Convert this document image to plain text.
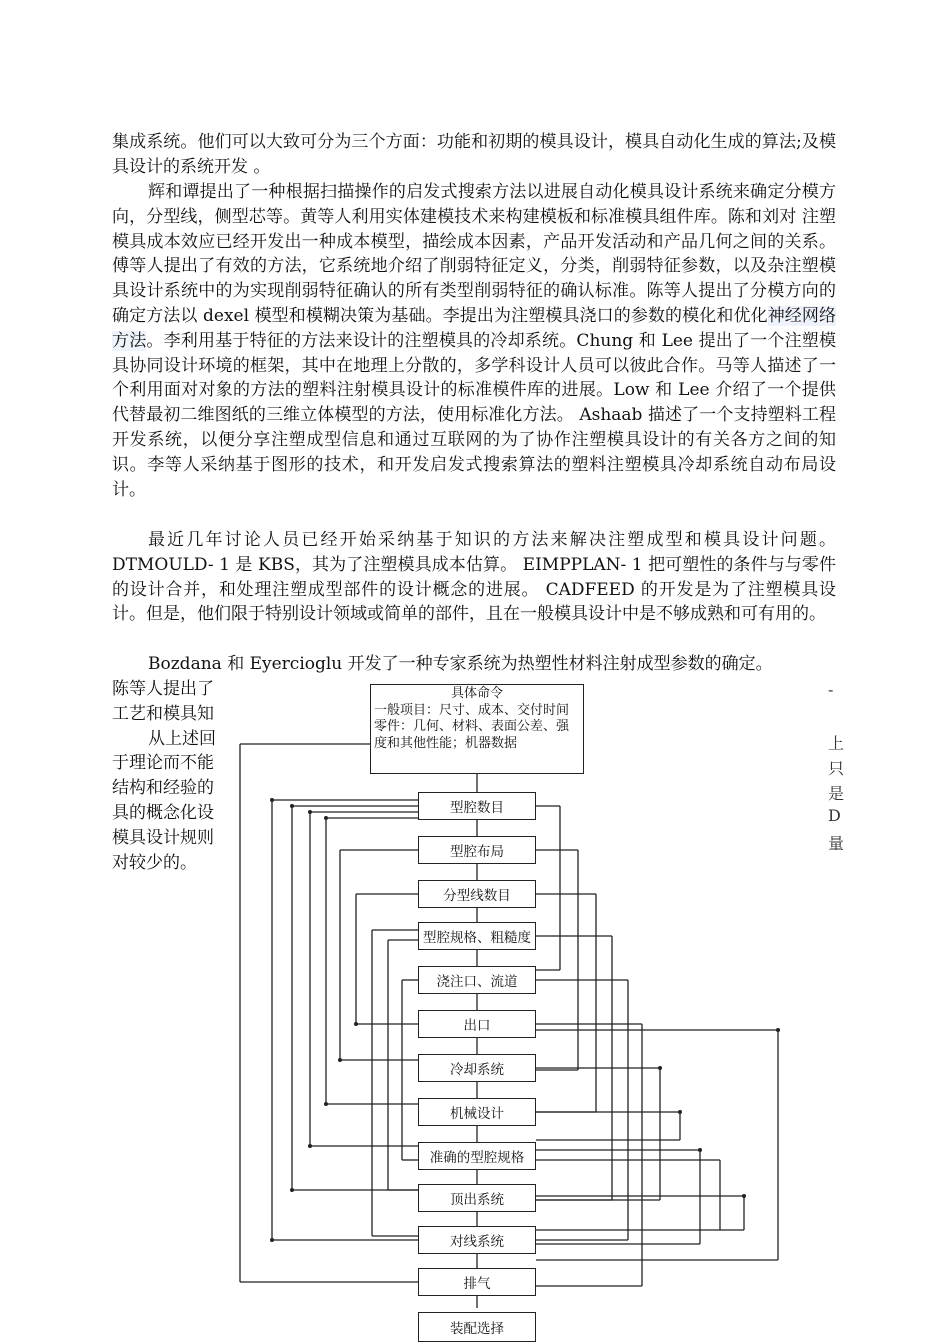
集成系统。他们可以大致可分为三个方面：功能和初期的模具设计，模具自动化生成的算法;及模具设计的系统开发 。

辉和谭提出了一种根据扫描操作的启发式搜索方法以进展自动化模具设计系统来确定分模方向，分型线，侧型芯等。黄等人利用实体建模技术来构建模板和标准模具组件库。陈和刘对 注塑模具成本效应已经开发出一种成本模型，描绘成本因素，产品开发活动和产品几何之间的关系。傅等人提出了有效的方法，它系统地介绍了削弱特征定义，分类，削弱特征参数，以及杂注塑模具设计系统中的为实现削弱特征确认的所有类型削弱特征的确认标准。陈等人提出了分模方向的确定方法以 dexel 模型和模糊决策为基础。李提出为注塑模具浇口的参数的模化和优化神经网络方法。李利用基于特征的方法来设计的注塑模具的冷却系统。Chung 和 Lee 提出了一个注塑模具协同设计环境的框架，其中在地理上分散的，多学科设计人员可以彼此合作。马等人描述了一个利用面对对象的方法的塑料注射模具设计的标准模件库的进展。Low 和 Lee 介绍了一个提供代替最初二维图纸的三维立体模型的方法，使用标准化方法。 Ashaab 描述了一个支持塑料工程开发系统，以便分享注塑成型信息和通过互联网的为了协作注塑模具设计的有关各方之间的知识。李等人采纳基于图形的技术，和开发启发式搜索算法的塑料注塑模具冷却系统自动布局设计。

最近几年讨论人员已经开始采纳基于知识的方法来解决注塑成型和模具设计问题。 DTMOULD- 1 是 KBS，其为了注塑模具成本估算。 EIMPPLAN- 1 把可塑性的条件与与零件的设计合并，和处理注塑成型部件的设计概念的进展。 CADFEED 的开发是为了注塑模具设计。但是，他们限于特别设计领域或简单的部件，且在一般模具设计中是不够成熟和可有用的。

Bozdana 和 Eyercioglu 开发了一种专家系统为热塑性材料注射成型参数的确定。

陈等人提出了
工艺和模具知
从上述回
于理论而不能
结构和经验的
具的概念化设
模具设计规则
对较少的。
-
上
只
是
D
量
具体命令
一般项目：尺寸、成本、交付时间
零件：几何、材料、表面公差、强度和其他性能；机器数据
型腔数目
型腔布局
分型线数目
型腔规格、粗糙度
浇注口、流道
出口
冷却系统
机械设计
准确的型腔规格
顶出系统
对线系统
排气
装配选择
